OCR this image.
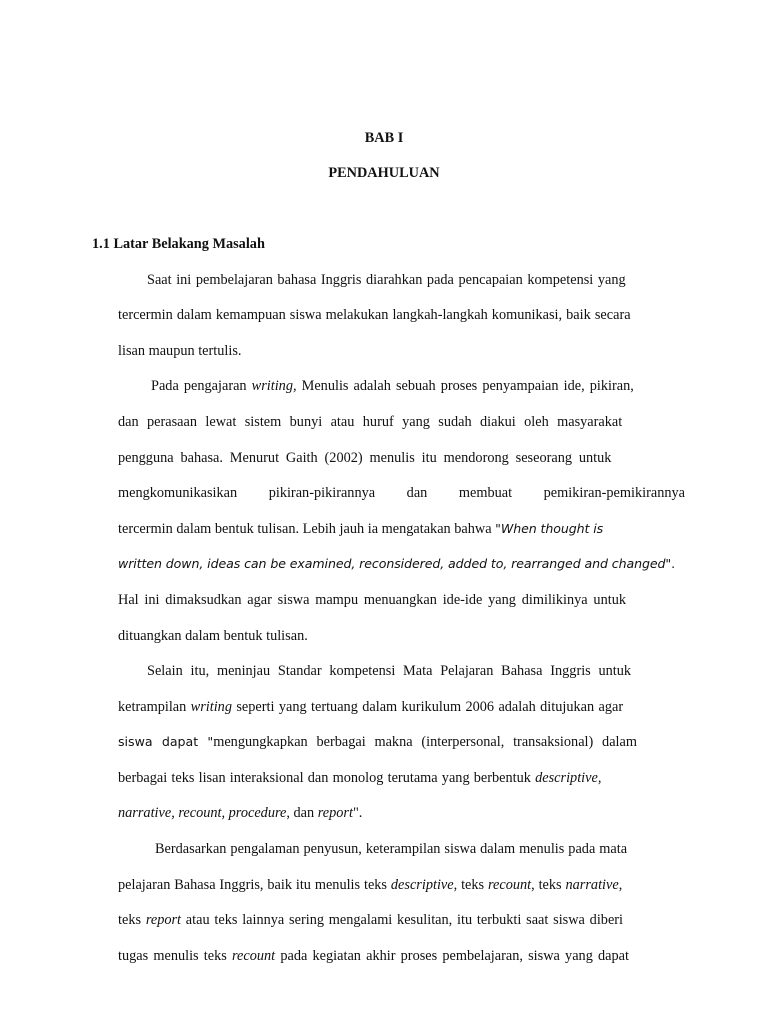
BAB I
PENDAHULUAN
1.1 Latar Belakang Masalah
Saat ini pembelajaran bahasa Inggris diarahkan pada pencapaian kompetensi yang
tercermin dalam kemampuan siswa melakukan langkah-langkah komunikasi, baik secara
lisan maupun tertulis.
Pada pengajaran writing, Menulis adalah sebuah proses penyampaian ide, pikiran,
dan perasaan lewat sistem bunyi atau huruf yang sudah diakui oleh masyarakat
pengguna bahasa. Menurut Gaith (2002) menulis itu mendorong seseorang untuk
mengkomunikasikan pikiran-pikirannya dan membuat pemikiran-pemikirannya
tercermin dalam bentuk tulisan. Lebih jauh ia mengatakan bahwa "When thought is
written down, ideas can be examined, reconsidered, added to, rearranged and changed".
Hal ini dimaksudkan agar siswa mampu menuangkan ide-ide yang dimilikinya untuk
dituangkan dalam bentuk tulisan.
Selain itu, meninjau Standar kompetensi Mata Pelajaran Bahasa Inggris untuk
ketrampilan writing seperti yang tertuang dalam kurikulum 2006 adalah ditujukan agar
siswa dapat "mengungkapkan berbagai makna (interpersonal, transaksional) dalam
berbagai teks lisan interaksional dan monolog terutama yang berbentuk descriptive,
narrative, recount, procedure, dan report".
Berdasarkan pengalaman penyusun, keterampilan siswa dalam menulis pada mata
pelajaran Bahasa Inggris, baik itu menulis teks descriptive, teks recount, teks narrative,
teks report atau teks lainnya sering mengalami kesulitan, itu terbukti saat siswa diberi
tugas menulis teks recount pada kegiatan akhir proses pembelajaran, siswa yang dapat
